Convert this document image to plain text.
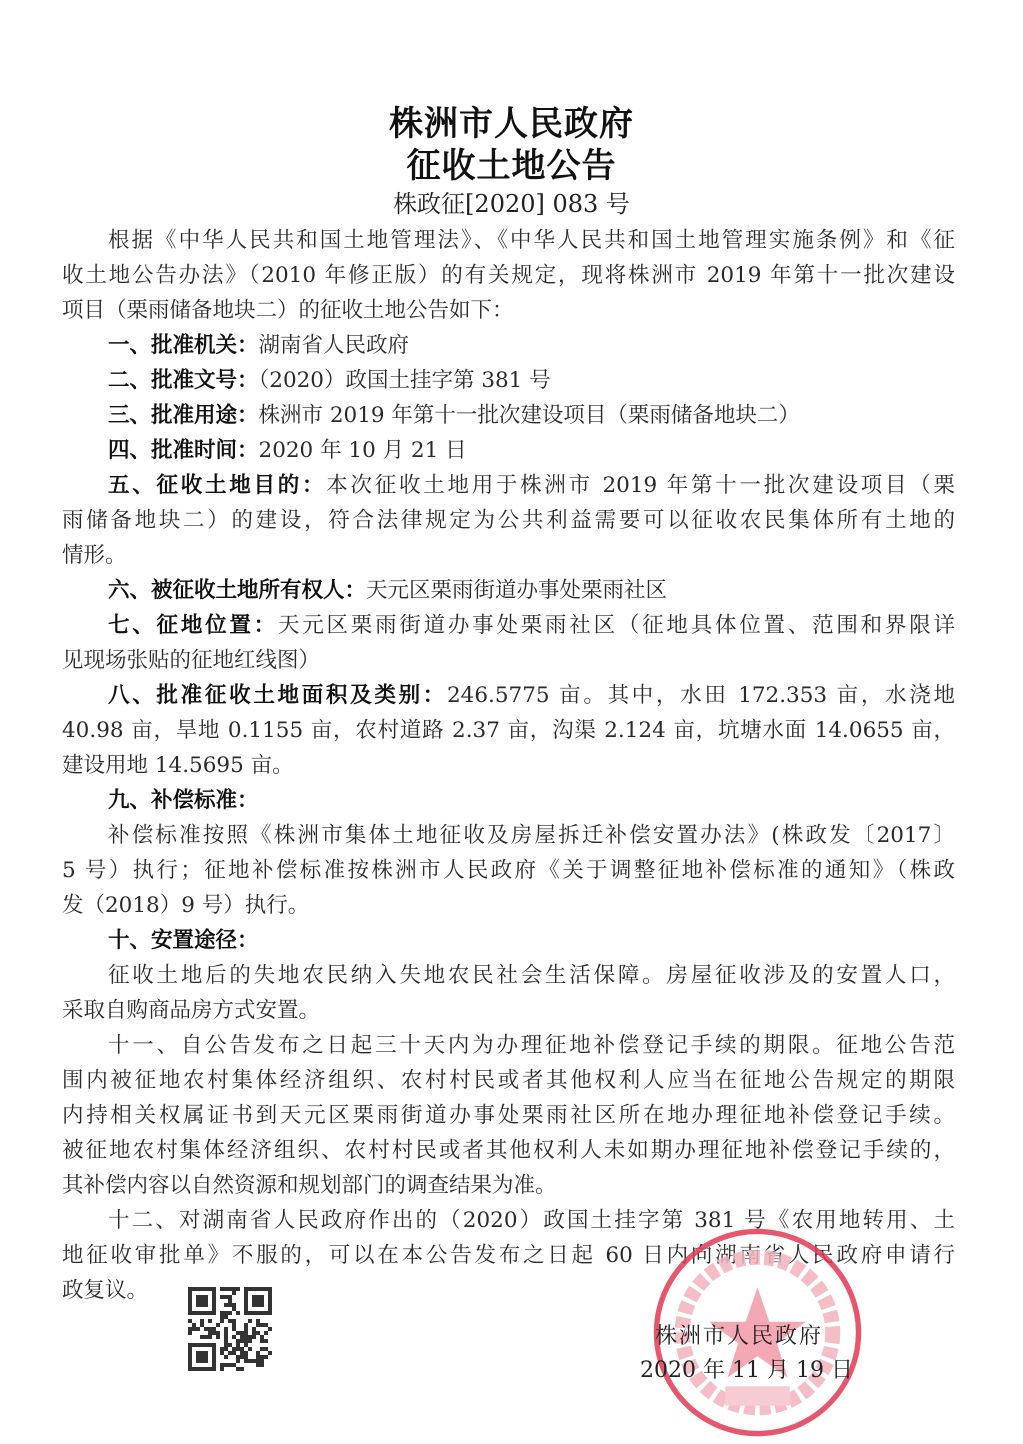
株洲市人民政府
征收土地公告
株政征[2020] 083 号
根据《中华人民共和国土地管理法》、《中华人民共和国土地管理实施条例》和《征
收土地公告办法》（2010 年修正版）的有关规定，现将株洲市 2019 年第十一批次建设
项目（栗雨储备地块二）的征收土地公告如下：
一、批准机关：湖南省人民政府
二、批准文号：（2020）政国土挂字第 381 号
三、批准用途：株洲市 2019 年第十一批次建设项目（栗雨储备地块二）
四、批准时间：2020 年 10 月 21 日
五、征收土地目的：本次征收土地用于株洲市 2019 年第十一批次建设项目（栗
雨储备地块二）的建设，符合法律规定为公共利益需要可以征收农民集体所有土地的
情形。
六、被征收土地所有权人：天元区栗雨街道办事处栗雨社区
七、征地位置：天元区栗雨街道办事处栗雨社区（征地具体位置、范围和界限详
见现场张贴的征地红线图）
八、批准征收土地面积及类别：246.5775 亩。其中，水田 172.353 亩，水浇地
40.98 亩，旱地 0.1155 亩，农村道路 2.37 亩，沟渠 2.124 亩，坑塘水面 14.0655 亩，
建设用地 14.5695 亩。
九、补偿标准：
补偿标准按照《株洲市集体土地征收及房屋拆迁补偿安置办法》(株政发〔2017〕
5 号）执行；征地补偿标准按株洲市人民政府《关于调整征地补偿标准的通知》（株政
发（2018）9 号）执行。
十、安置途径：
征收土地后的失地农民纳入失地农民社会生活保障。房屋征收涉及的安置人口，
采取自购商品房方式安置。
十一、自公告发布之日起三十天内为办理征地补偿登记手续的期限。征地公告范
围内被征地农村集体经济组织、农村村民或者其他权利人应当在征地公告规定的期限
内持相关权属证书到天元区栗雨街道办事处栗雨社区所在地办理征地补偿登记手续。
被征地农村集体经济组织、农村村民或者其他权利人未如期办理征地补偿登记手续的，
其补偿内容以自然资源和规划部门的调查结果为准。
十二、对湖南省人民政府作出的（2020）政国土挂字第 381 号《农用地转用、土
地征收审批单》不服的，可以在本公告发布之日起 60 日内向湖南省人民政府申请行
政复议。
株洲市人民政府
2020 年 11 月 19 日
